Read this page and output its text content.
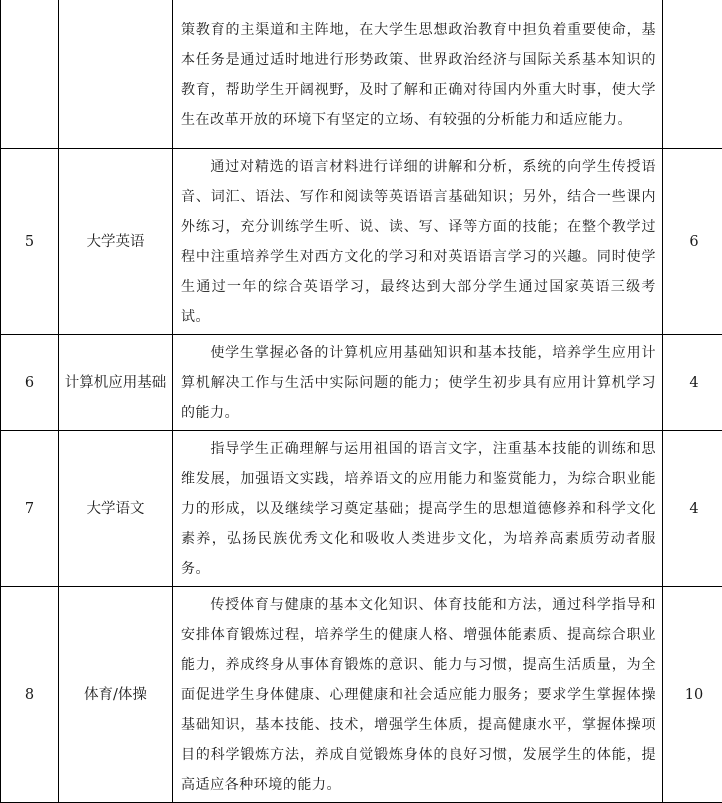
		策教育的主渠道和主阵地，在大学生思想政治教育中担负着重要使命，基本任务是通过适时地进行形势政策、世界政治经济与国际关系基本知识的教育，帮助学生开阔视野，及时了解和正确对待国内外重大时事，使大学生在改革开放的环境下有坚定的立场、有较强的分析能力和适应能力。	
5	大学英语	通过对精选的语言材料进行详细的讲解和分析，系统的向学生传授语音、词汇、语法、写作和阅读等英语语言基础知识；另外，结合一些课内外练习，充分训练学生听、说、读、写、译等方面的技能；在整个教学过程中注重培养学生对西方文化的学习和对英语语言学习的兴趣。同时使学生通过一年的综合英语学习，最终达到大部分学生通过国家英语三级考试。	6
6	计算机应用基础	使学生掌握必备的计算机应用基础知识和基本技能，培养学生应用计算机解决工作与生活中实际问题的能力；使学生初步具有应用计算机学习的能力。	4
7	大学语文	指导学生正确理解与运用祖国的语言文字，注重基本技能的训练和思维发展，加强语文实践，培养语文的应用能力和鉴赏能力，为综合职业能力的形成，以及继续学习奠定基础；提高学生的思想道德修养和科学文化素养，弘扬民族优秀文化和吸收人类进步文化，为培养高素质劳动者服务。	4
8	体育/体操	传授体育与健康的基本文化知识、体育技能和方法，通过科学指导和安排体育锻炼过程，培养学生的健康人格、增强体能素质、提高综合职业能力，养成终身从事体育锻炼的意识、能力与习惯，提高生活质量，为全面促进学生身体健康、心理健康和社会适应能力服务；要求学生掌握体操基础知识，基本技能、技术，增强学生体质，提高健康水平，掌握体操项目的科学锻炼方法，养成自觉锻炼身体的良好习惯，发展学生的体能，提高适应各种环境的能力。	10
